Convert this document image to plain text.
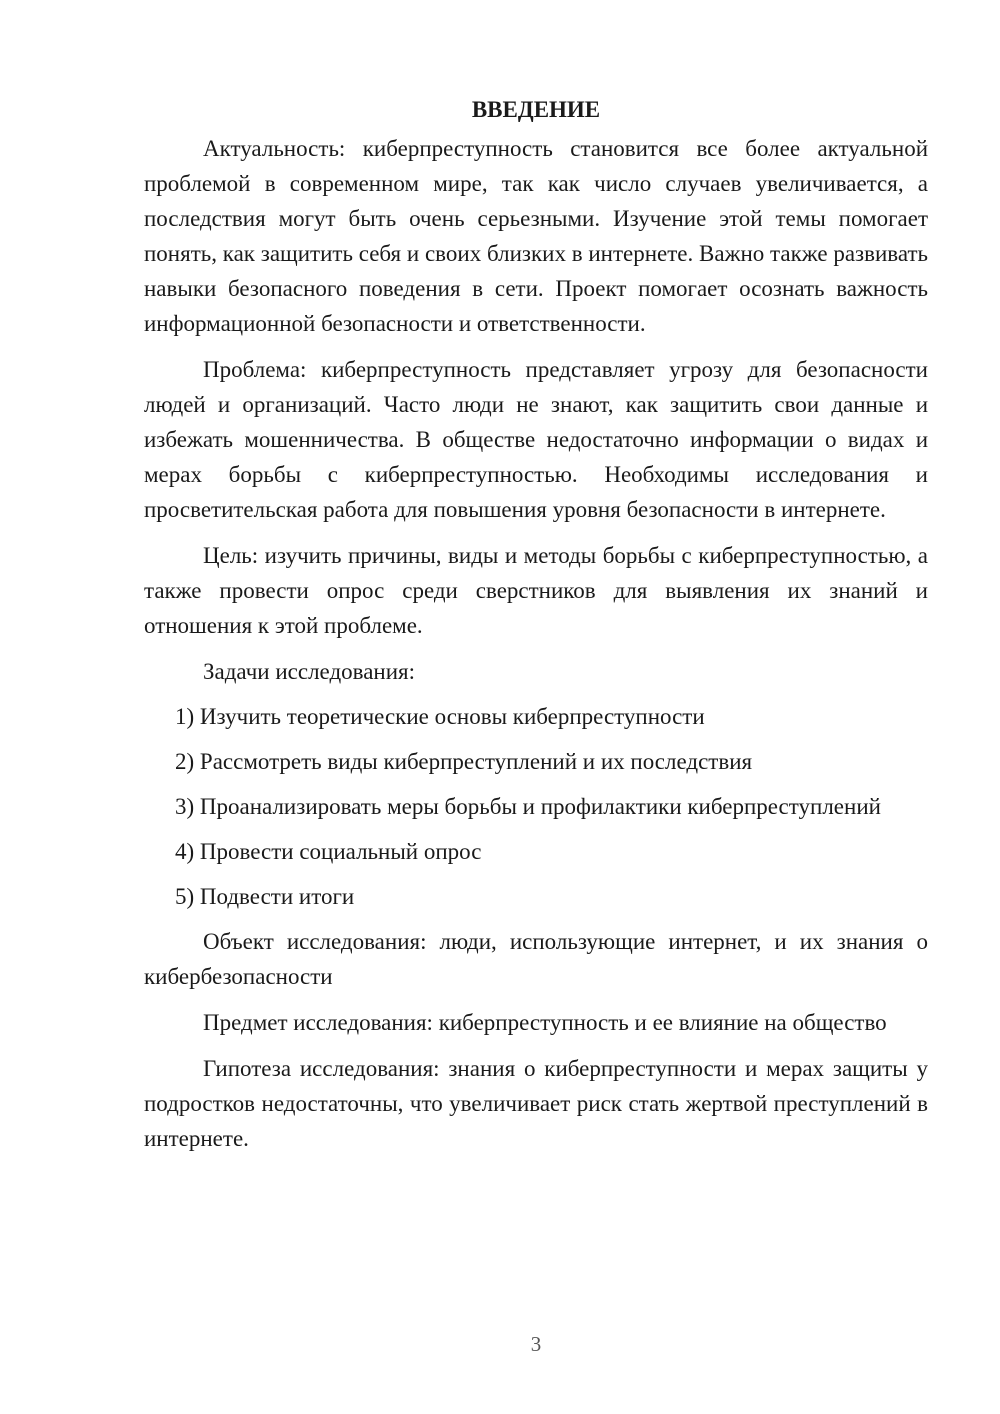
ВВЕДЕНИЕ

Актуальность: киберпреступность становится все более актуальной проблемой в современном мире, так как число случаев увеличивается, а последствия могут быть очень серьезными. Изучение этой темы помогает понять, как защитить себя и своих близких в интернете. Важно также развивать навыки безопасного поведения в сети. Проект помогает осознать важность информационной безопасности и ответственности.

Проблема: киберпреступность представляет угрозу для безопасности людей и организаций. Часто люди не знают, как защитить свои данные и избежать мошенничества. В обществе недостаточно информации о видах и мерах борьбы с киберпреступностью. Необходимы исследования и просветительская работа для повышения уровня безопасности в интернете.

Цель: изучить причины, виды и методы борьбы с киберпреступностью, а также провести опрос среди сверстников для выявления их знаний и отношения к этой проблеме.

Задачи исследования:

1) Изучить теоретические основы киберпреступности

2) Рассмотреть виды киберпреступлений и их последствия

3) Проанализировать меры борьбы и профилактики киберпреступлений

4) Провести социальный опрос

5) Подвести итоги

Объект исследования: люди, использующие интернет, и их знания о кибербезопасности

Предмет исследования: киберпреступность и ее влияние на общество

Гипотеза исследования: знания о киберпреступности и мерах защиты у подростков недостаточны, что увеличивает риск стать жертвой преступлений в интернете.

3
